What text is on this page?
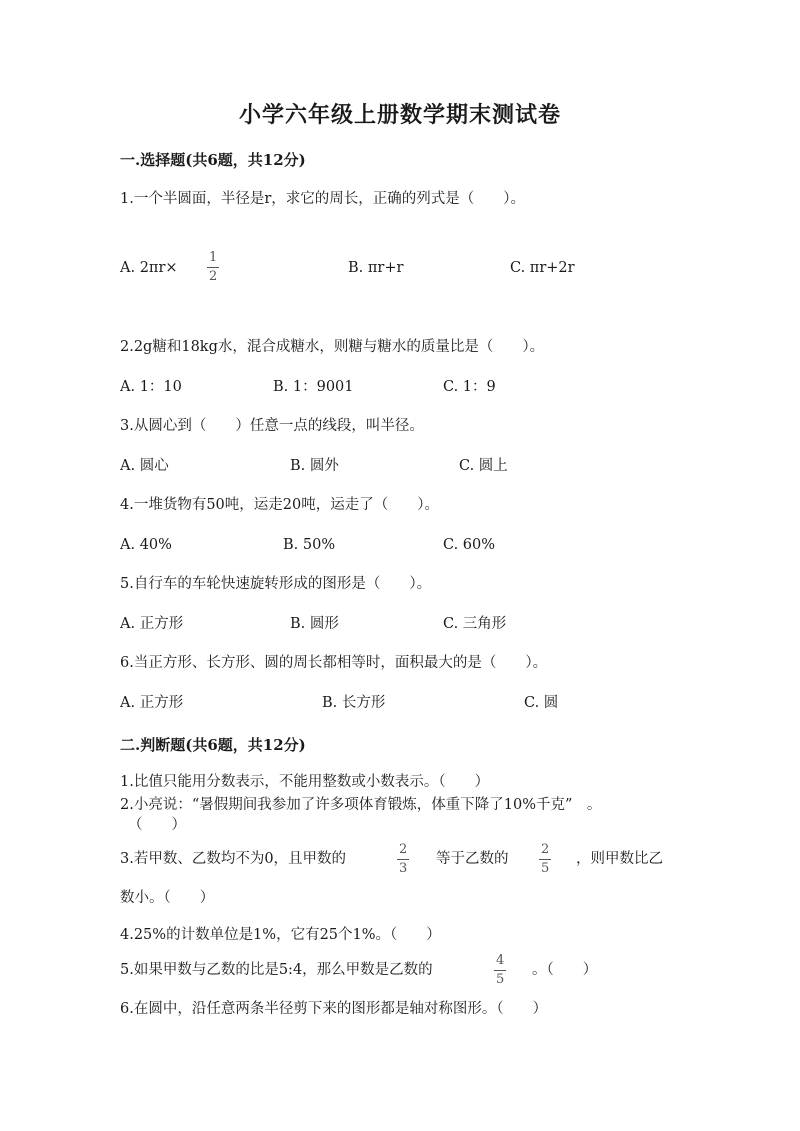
小学六年级上册数学期末测试卷
一.选择题(共6题，共12分)
1.一个半圆面，半径是r，求它的周长，正确的列式是（　　）。
A. 2πr×
1
2
B. πr+r	C. πr+2r
2.2g糖和18kg水，混合成糖水，则糖与糖水的质量比是（　　）。
A. 1：10	B. 1：9001	C. 1：9
3.从圆心到（　　）任意一点的线段，叫半径。
A. 圆心	B. 圆外	C. 圆上
4.一堆货物有50吨，运走20吨，运走了（　　）。
A. 40%	B. 50%	C. 60%
5.自行车的车轮快速旋转形成的图形是（　　）。
A. 正方形	B. 圆形	C. 三角形
6.当正方形、长方形、圆的周长都相等时，面积最大的是（　　）。
A. 正方形	B. 长方形	C. 圆
二.判断题(共6题，共12分)
1.比值只能用分数表示，不能用整数或小数表示。（　　）
2.小亮说：“暑假期间我参加了许多项体育锻炼，体重下降了10%千克”　。
（　　）
3.若甲数、乙数均不为0，且甲数的
2
3
等于乙数的
2
5
，则甲数比乙
数小。（　　）
4.25%的计数单位是1%，它有25个1%。（　　）
5.如果甲数与乙数的比是5:4，那么甲数是乙数的
4
5
。（　　）
6.在圆中，沿任意两条半径剪下来的图形都是轴对称图形。（　　）
